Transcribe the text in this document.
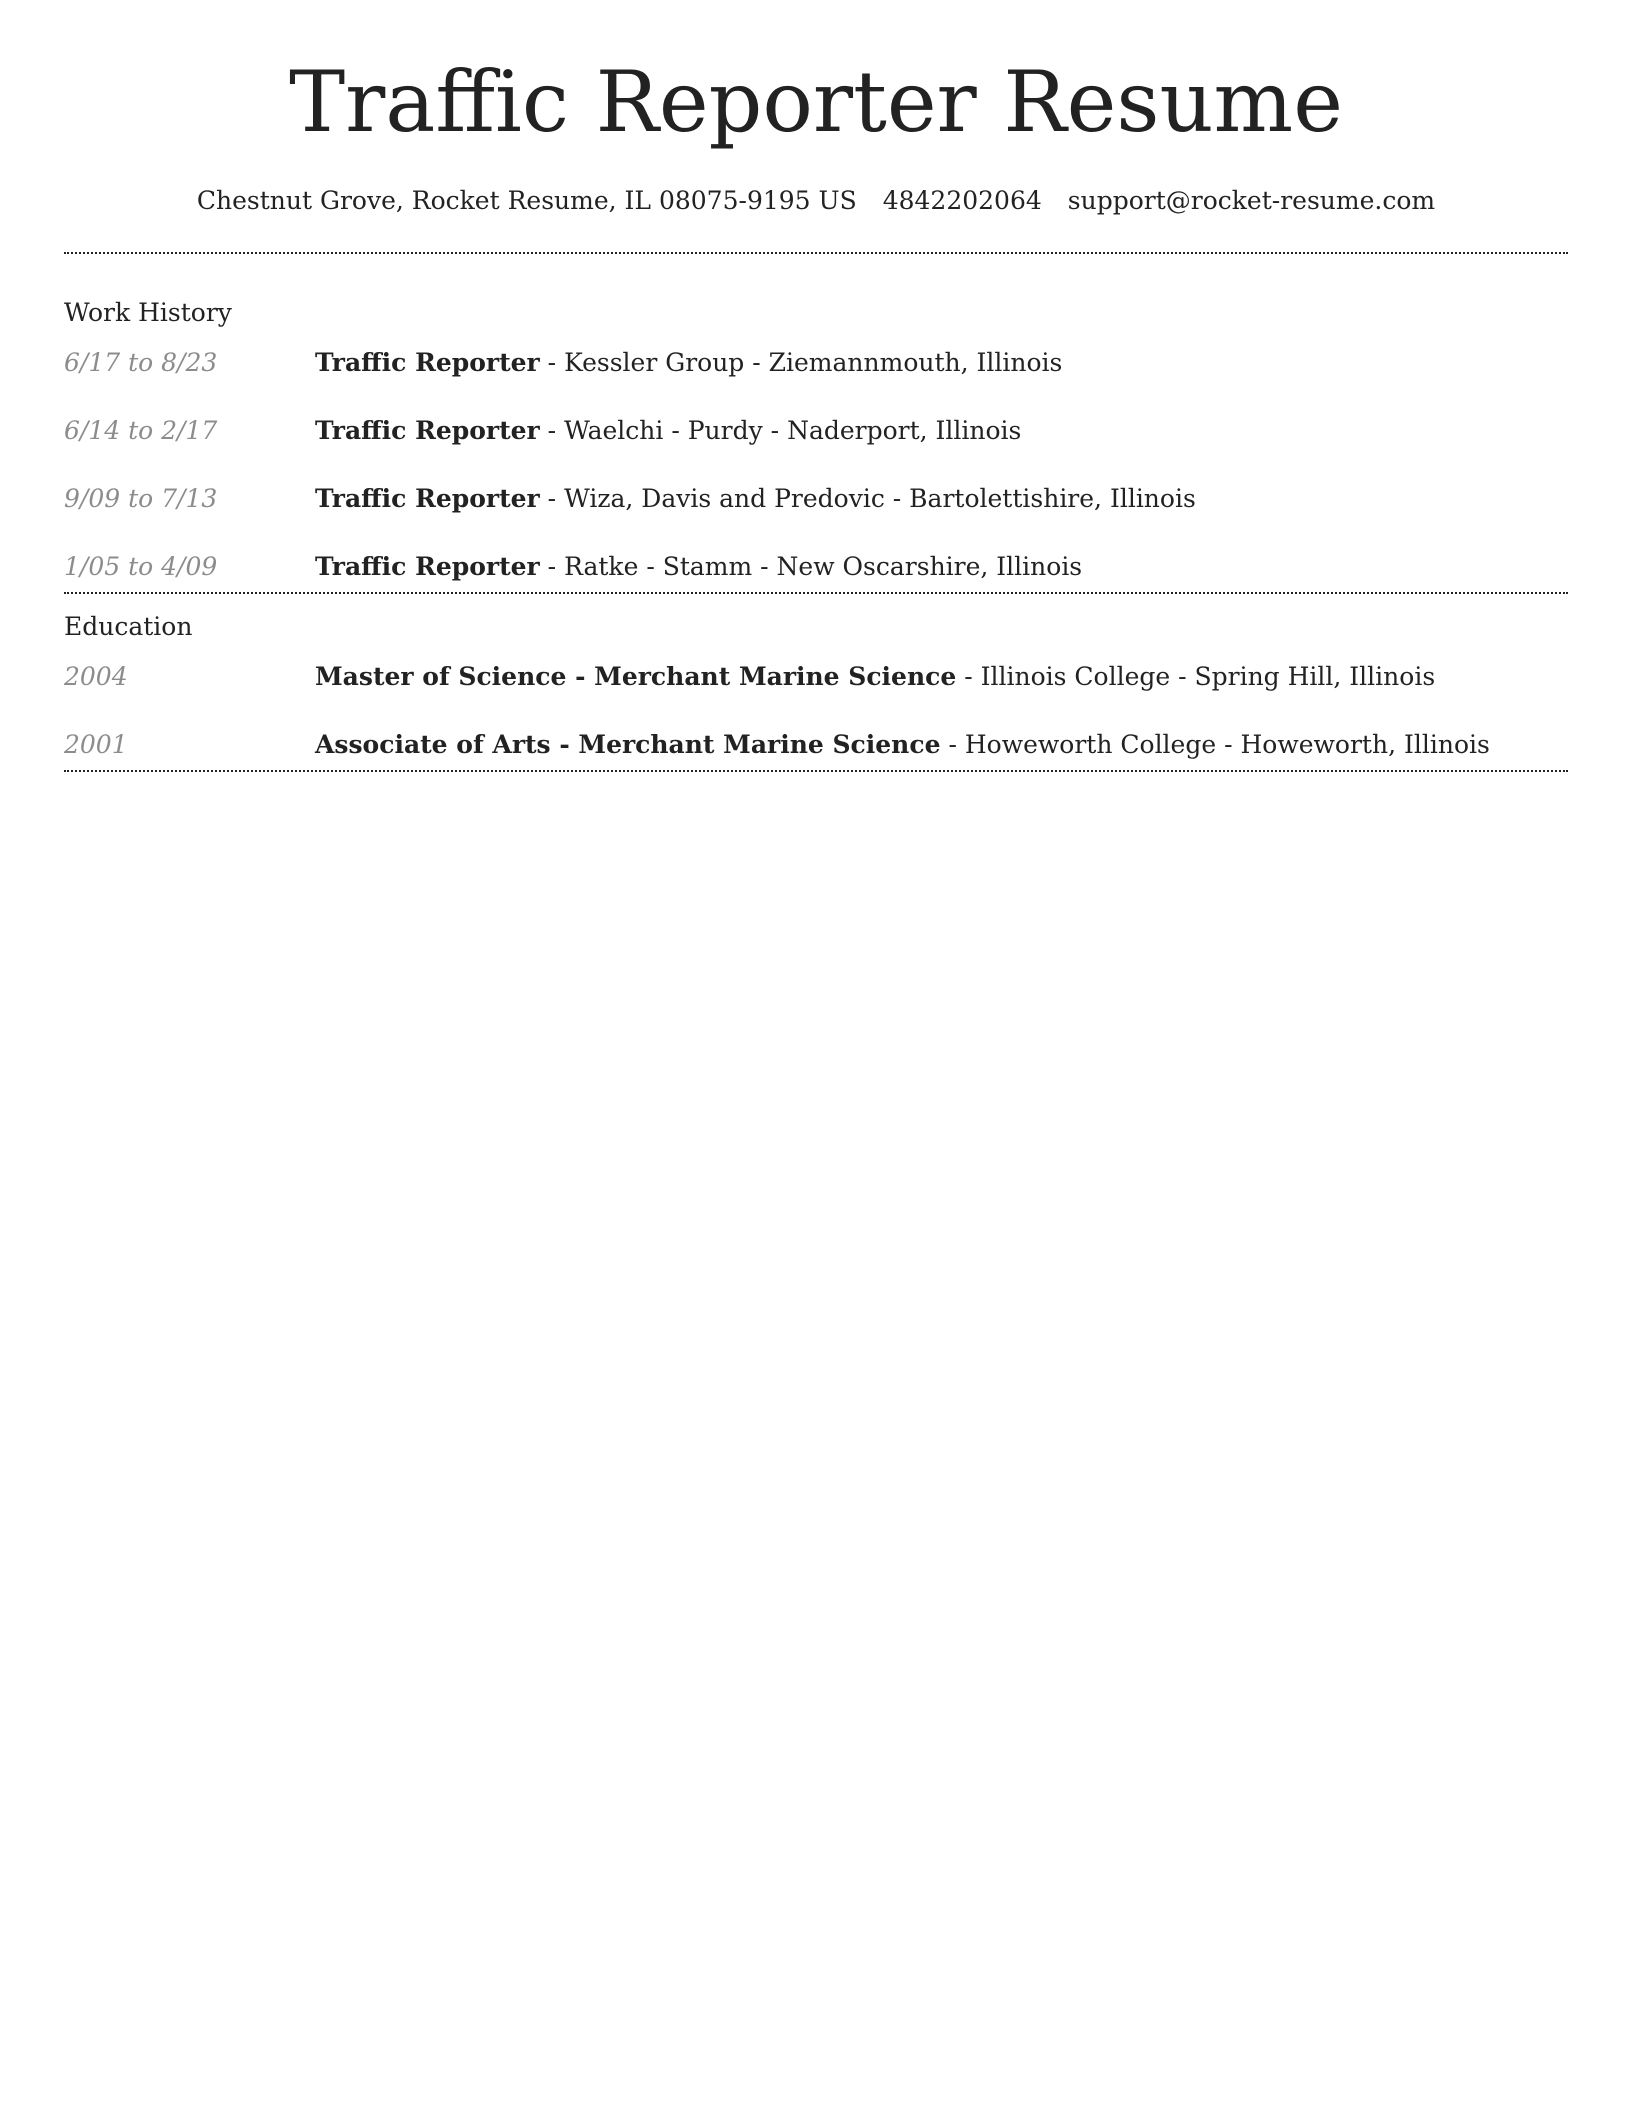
Traffic Reporter Resume
Chestnut Grove, Rocket Resume, IL 08075-9195 US 4842202064 support@rocket-resume.com
Work History
6/17 to 8/23	Traffic Reporter - Kessler Group - Ziemannmouth, Illinois
6/14 to 2/17	Traffic Reporter - Waelchi - Purdy - Naderport, Illinois
9/09 to 7/13	Traffic Reporter - Wiza, Davis and Predovic - Bartolettishire, Illinois
1/05 to 4/09	Traffic Reporter - Ratke - Stamm - New Oscarshire, Illinois
Education
2004	Master of Science - Merchant Marine Science - Illinois College - Spring Hill, Illinois
2001	Associate of Arts - Merchant Marine Science - Howeworth College - Howeworth, Illinois
